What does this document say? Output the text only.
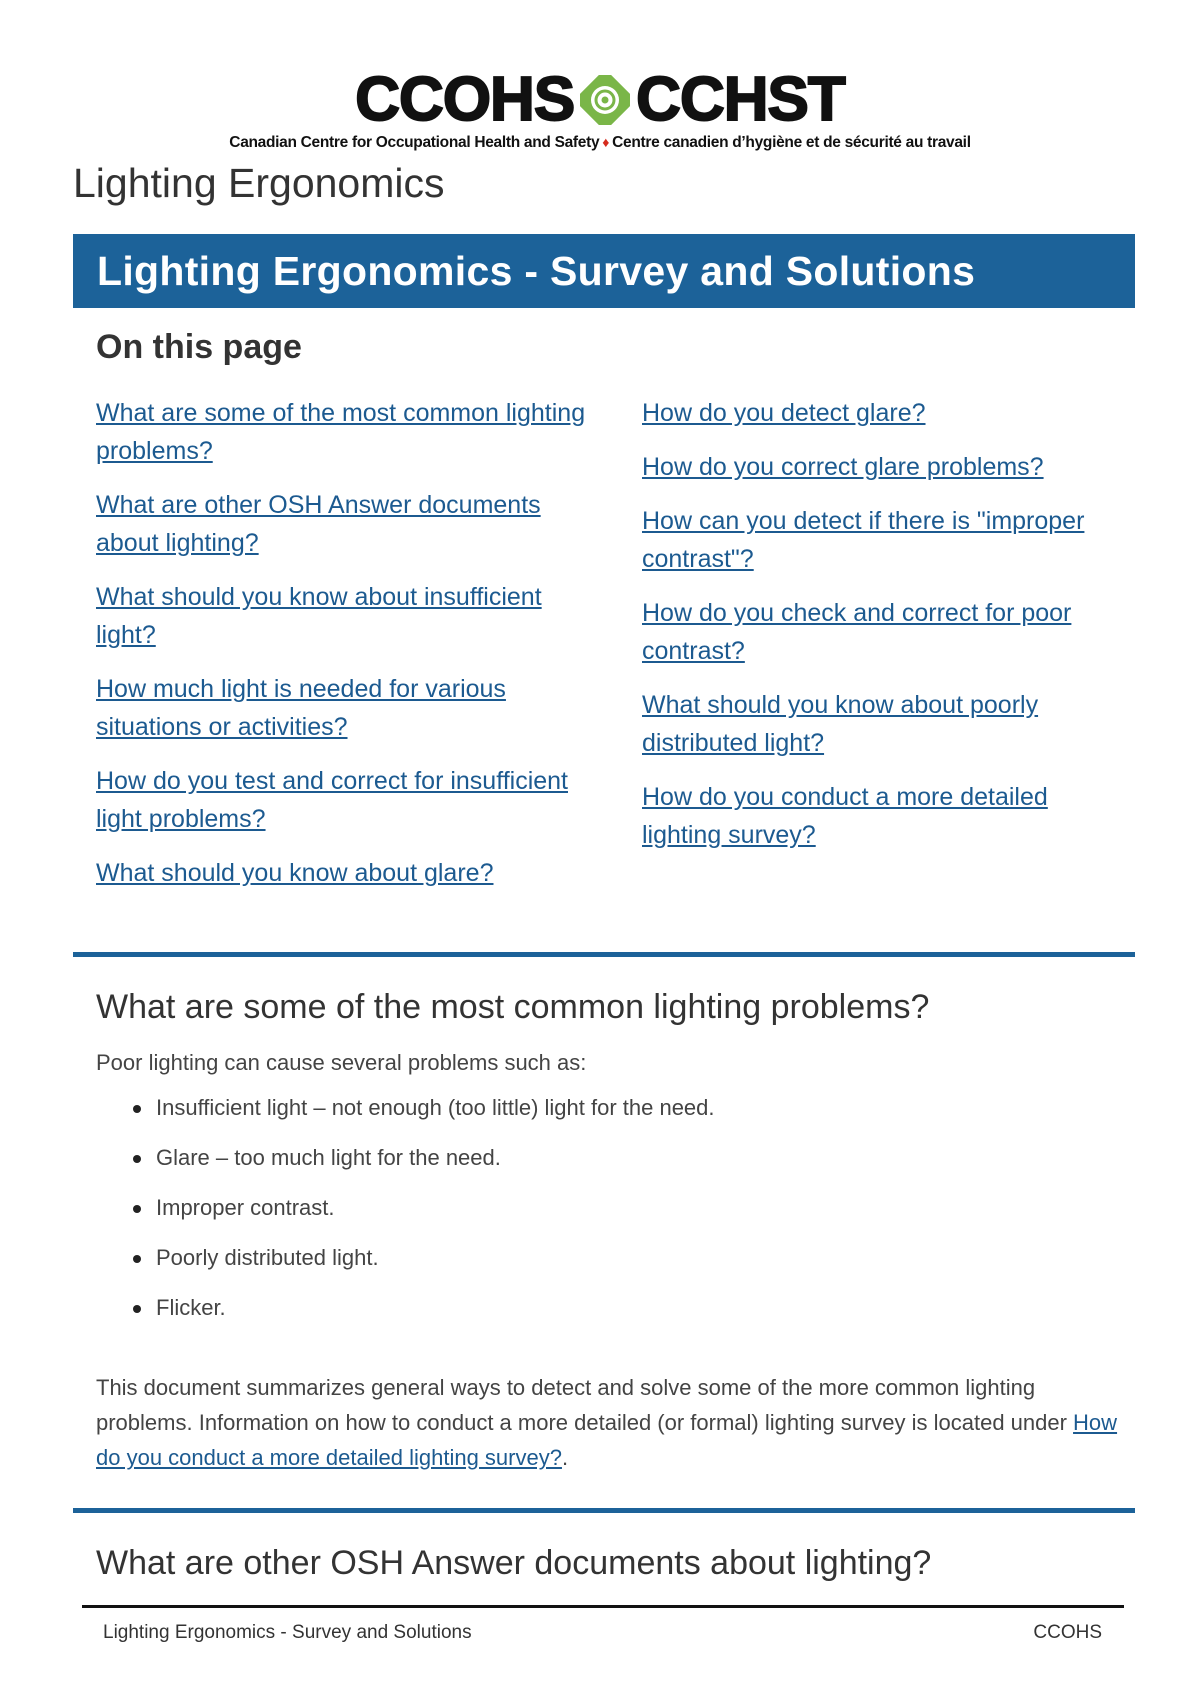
CCOHS CCHST
Canadian Centre for Occupational Health and Safety ♦ Centre canadien d’hygiène et de sécurité au travail
Lighting Ergonomics
Lighting Ergonomics - Survey and Solutions
On this page
What are some of the most common lighting problems?
What are other OSH Answer documents about lighting?
What should you know about insufficient light?
How much light is needed for various situations or activities?
How do you test and correct for insufficient light problems?
What should you know about glare?
How do you detect glare?
How do you correct glare problems?
How can you detect if there is "improper contrast"?
How do you check and correct for poor contrast?
What should you know about poorly distributed light?
How do you conduct a more detailed lighting survey?
What are some of the most common lighting problems?

Poor lighting can cause several problems such as:

Insufficient light – not enough (too little) light for the need.
Glare – too much light for the need.
Improper contrast.
Poorly distributed light.
Flicker.

This document summarizes general ways to detect and solve some of the more common lighting problems. Information on how to conduct a more detailed (or formal) lighting survey is located under How do you conduct a more detailed lighting survey?.

What are other OSH Answer documents about lighting?
Lighting Ergonomics - Survey and Solutions	CCOHS
